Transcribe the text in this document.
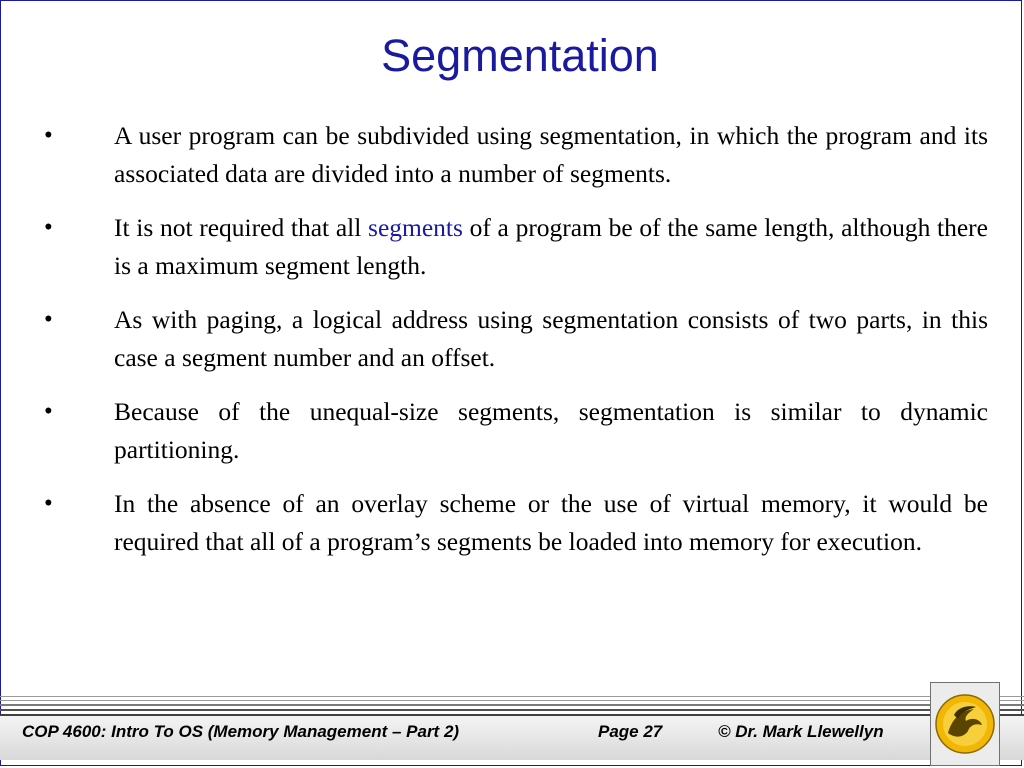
Segmentation
• A user program can be subdivided using segmentation, in which the program and its associated data are divided into a number of segments.
• It is not required that all segments of a program be of the same length, although there is a maximum segment length.
• As with paging, a logical address using segmentation consists of two parts, in this case a segment number and an offset.
• Because of the unequal-size segments, segmentation is similar to dynamic partitioning.
• In the absence of an overlay scheme or the use of virtual memory, it would be required that all of a program’s segments be loaded into memory for execution.
COP 4600: Intro To OS (Memory Management – Part 2)	Page 27	© Dr. Mark Llewellyn
